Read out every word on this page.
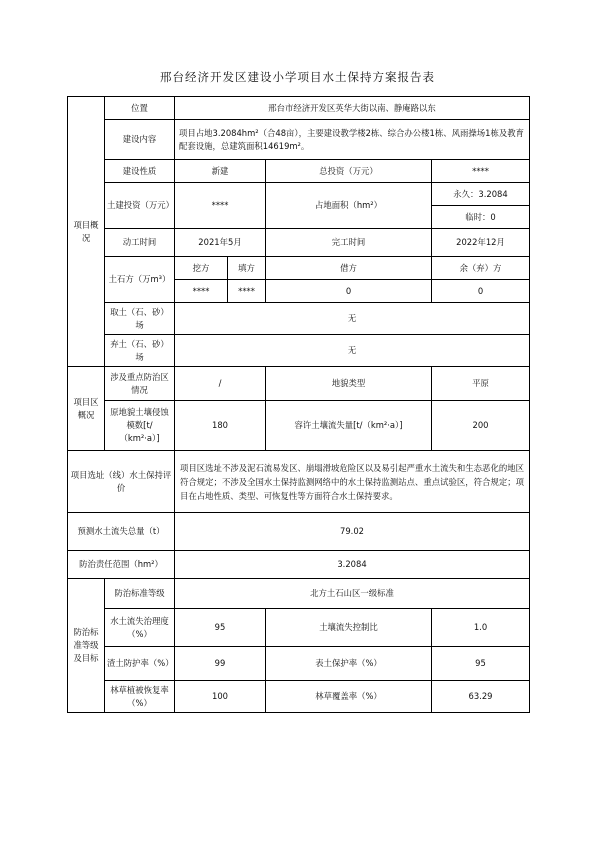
邢台经济开发区建设小学项目水土保持方案报告表
项目概况	位置	邢台市经济开发区英华大街以南、静庵路以东			
	建设内容	项目占地3.2084hm²（合48亩），主要建设教学楼2栋、综合办公楼1栋、风雨操场1栋及教育配套设施，总建筑面积14619m²。			
	建设性质	新建		总投资（万元）	****
	土建投资（万元）	****		占地面积（hm²）	永久：3.2084
					临时：0
	动工时间	2021年5月		完工时间	2022年12月
	土石方（万m³）	挖方	填方	借方	余（弃）方
		****	****	0	0
	取土（石、砂）场	无			
	弃土（石、砂）场	无			
项目区概况	涉及重点防治区情况	/		地貌类型	平原
	原地貌土壤侵蚀模数[t/（km²·a）]	180		容许土壤流失量[t/（km²·a）]	200
项目选址（线）水土保持评价		项目区选址不涉及泥石流易发区、崩塌滑坡危险区以及易引起严重水土流失和生态恶化的地区符合规定；不涉及全国水土保持监测网络中的水土保持监测站点、重点试验区，符合规定；项目在占地性质、类型、可恢复性等方面符合水土保持要求。			
预测水土流失总量（t）		79.02			
防治责任范围（hm²）		3.2084			
防治标准等级及目标	防治标准等级	北方土石山区一级标准			
	水土流失治理度（%）	95		土壤流失控制比	1.0
	渣土防护率（%）	99		表土保护率（%）	95
	林草植被恢复率（%）	100		林草覆盖率（%）	63.29
